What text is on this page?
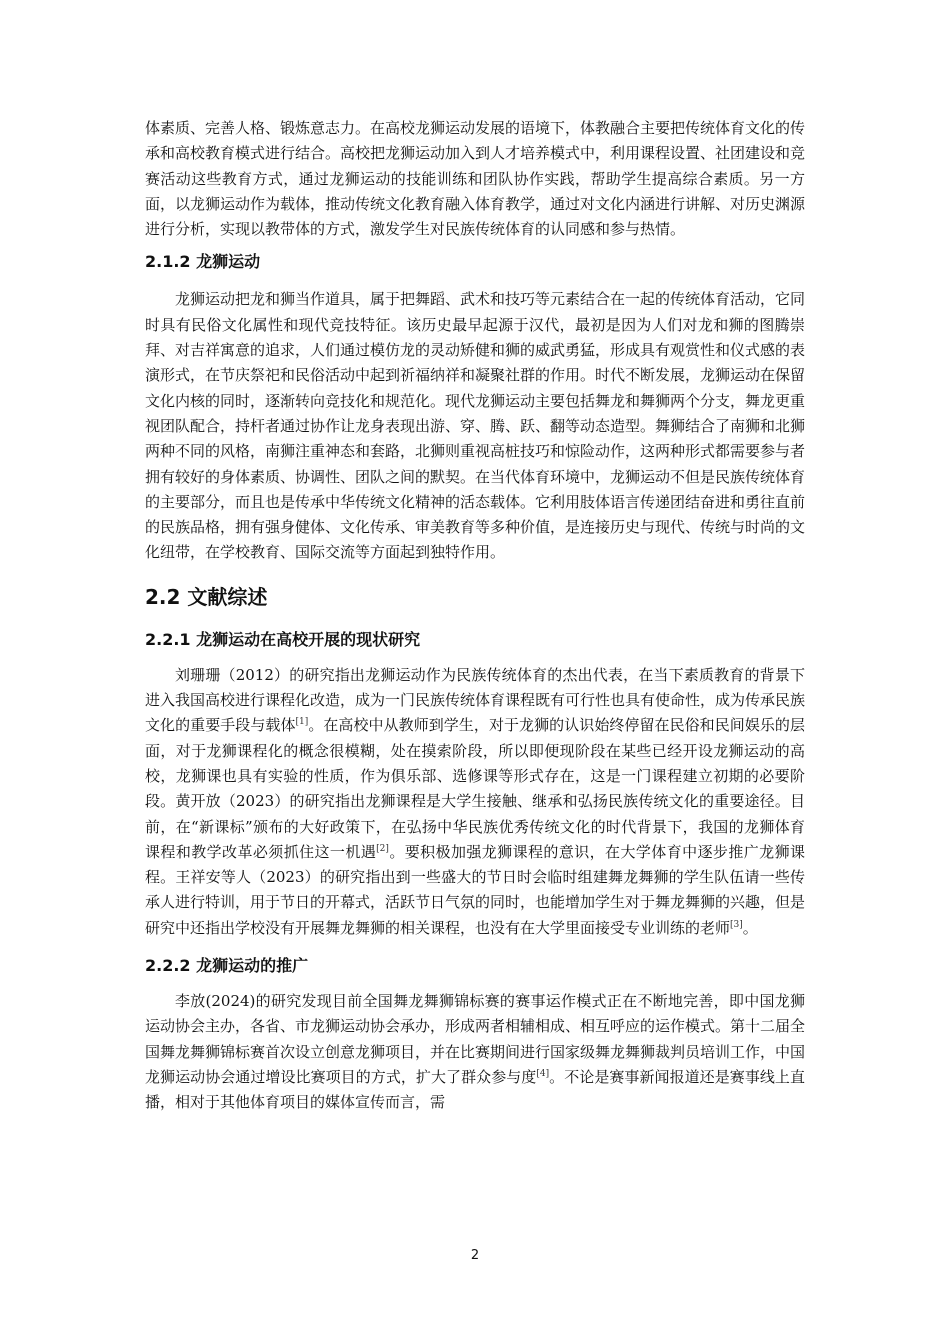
体素质、完善人格、锻炼意志力。在高校龙狮运动发展的语境下，体教融合主要把传统体育文化的传承和高校教育模式进行结合。高校把龙狮运动加入到人才培养模式中，利用课程设置、社团建设和竞赛活动这些教育方式，通过龙狮运动的技能训练和团队协作实践，帮助学生提高综合素质。另一方面，以龙狮运动作为载体，推动传统文化教育融入体育教学，通过对文化内涵进行讲解、对历史渊源进行分析，实现以教带体的方式，激发学生对民族传统体育的认同感和参与热情。

2.1.2 龙狮运动

龙狮运动把龙和狮当作道具，属于把舞蹈、武术和技巧等元素结合在一起的传统体育活动，它同时具有民俗文化属性和现代竞技特征。该历史最早起源于汉代，最初是因为人们对龙和狮的图腾崇拜、对吉祥寓意的追求，人们通过模仿龙的灵动矫健和狮的威武勇猛，形成具有观赏性和仪式感的表演形式，在节庆祭祀和民俗活动中起到祈福纳祥和凝聚社群的作用。时代不断发展，龙狮运动在保留文化内核的同时，逐渐转向竞技化和规范化。现代龙狮运动主要包括舞龙和舞狮两个分支，舞龙更重视团队配合，持杆者通过协作让龙身表现出游、穿、腾、跃、翻等动态造型。舞狮结合了南狮和北狮两种不同的风格，南狮注重神态和套路，北狮则重视高桩技巧和惊险动作，这两种形式都需要参与者拥有较好的身体素质、协调性、团队之间的默契。在当代体育环境中，龙狮运动不但是民族传统体育的主要部分，而且也是传承中华传统文化精神的活态载体。它利用肢体语言传递团结奋进和勇往直前的民族品格，拥有强身健体、文化传承、审美教育等多种价值，是连接历史与现代、传统与时尚的文化纽带，在学校教育、国际交流等方面起到独特作用。

2.2 文献综述
2.2.1 龙狮运动在高校开展的现状研究

刘珊珊（2012）的研究指出龙狮运动作为民族传统体育的杰出代表，在当下素质教育的背景下进入我国高校进行课程化改造，成为一门民族传统体育课程既有可行性也具有使命性，成为传承民族文化的重要手段与载体[1]。在高校中从教师到学生，对于龙狮的认识始终停留在民俗和民间娱乐的层面，对于龙狮课程化的概念很模糊，处在摸索阶段，所以即便现阶段在某些已经开设龙狮运动的高校，龙狮课也具有实验的性质，作为俱乐部、选修课等形式存在，这是一门课程建立初期的必要阶段。黄开放（2023）的研究指出龙狮课程是大学生接触、继承和弘扬民族传统文化的重要途径。目前，在“新课标”颁布的大好政策下，在弘扬中华民族优秀传统文化的时代背景下，我国的龙狮体育课程和教学改革必须抓住这一机遇[2]。要积极加强龙狮课程的意识，在大学体育中逐步推广龙狮课程。王祥安等人（2023）的研究指出到一些盛大的节日时会临时组建舞龙舞狮的学生队伍请一些传承人进行特训，用于节日的开幕式，活跃节日气氛的同时，也能增加学生对于舞龙舞狮的兴趣，但是研究中还指出学校没有开展舞龙舞狮的相关课程，也没有在大学里面接受专业训练的老师[3]。

2.2.2 龙狮运动的推广

李放(2024)的研究发现目前全国舞龙舞狮锦标赛的赛事运作模式正在不断地完善，即中国龙狮运动协会主办，各省、市龙狮运动协会承办，形成两者相辅相成、相互呼应的运作模式。第十二届全国舞龙舞狮锦标赛首次设立创意龙狮项目，并在比赛期间进行国家级舞龙舞狮裁判员培训工作，中国龙狮运动协会通过增设比赛项目的方式，扩大了群众参与度[4]。不论是赛事新闻报道还是赛事线上直播，相对于其他体育项目的媒体宣传而言，需

2
